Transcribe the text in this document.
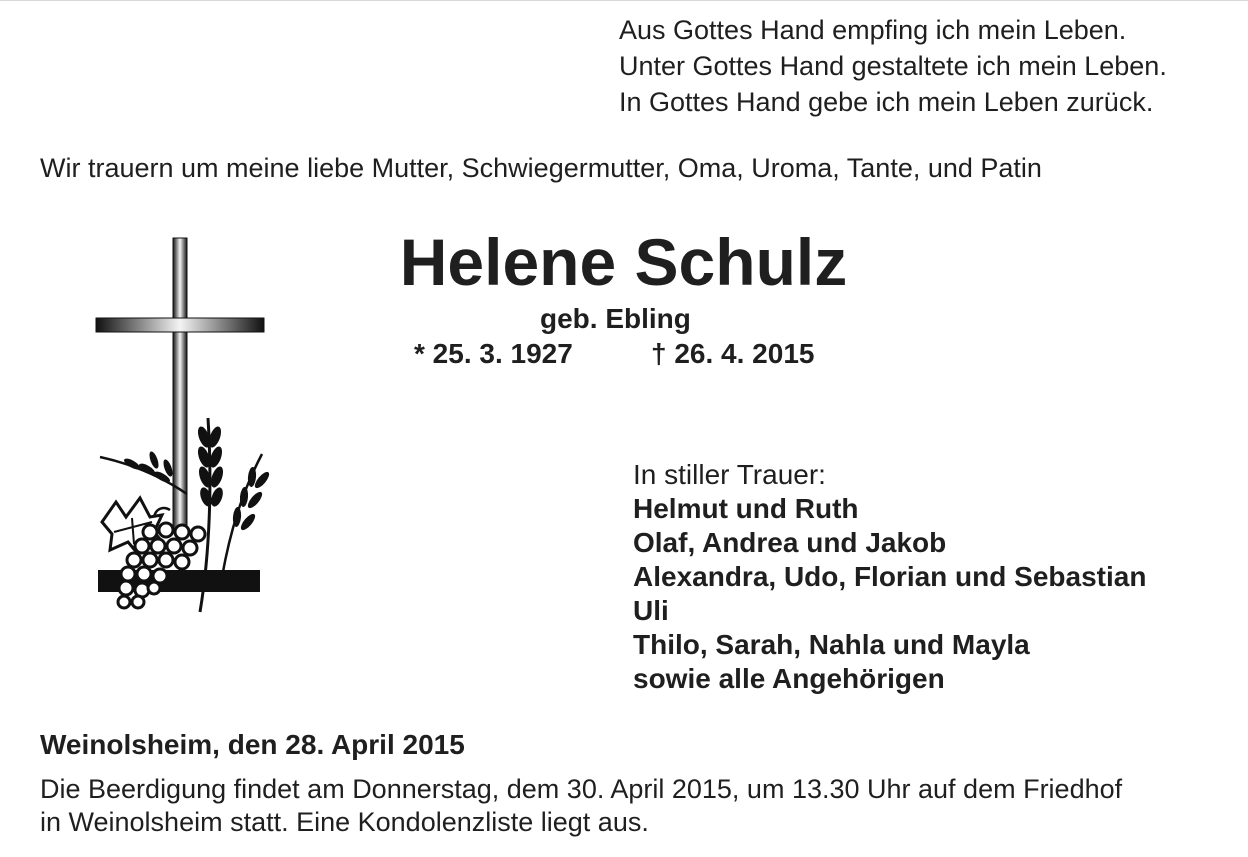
Aus Gottes Hand empfing ich mein Leben.
Unter Gottes Hand gestaltete ich mein Leben.
In Gottes Hand gebe ich mein Leben zurück.
Wir trauern um meine liebe Mutter, Schwiegermutter, Oma, Uroma, Tante, und Patin
Helene Schulz
geb. Ebling
* 25. 3. 1927	† 26. 4. 2015
In stiller Trauer:
Helmut und Ruth
Olaf, Andrea und Jakob
Alexandra, Udo, Florian und Sebastian
Uli
Thilo, Sarah, Nahla und Mayla
sowie alle Angehörigen
Weinolsheim, den 28. April 2015
Die Beerdigung findet am Donnerstag, dem 30. April 2015, um 13.30 Uhr auf dem Friedhof
in Weinolsheim statt. Eine Kondolenzliste liegt aus.
